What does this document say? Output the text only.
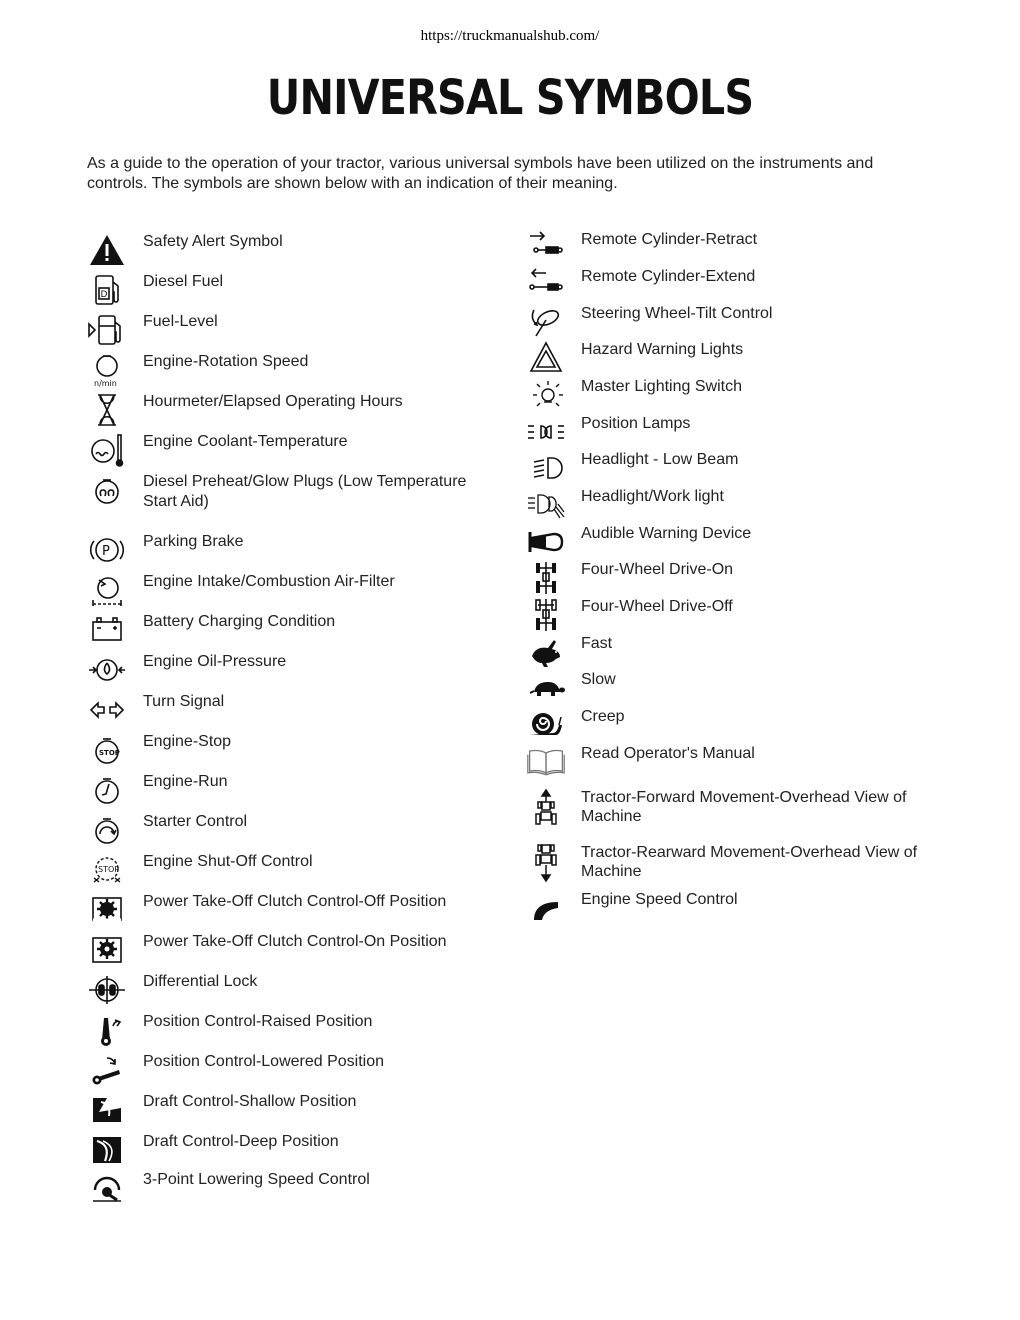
https://truckmanualshub.com/
UNIVERSAL SYMBOLS
As a guide to the operation of your tractor, various universal symbols have been utilized on the instruments and controls. The symbols are shown below with an indication of their meaning.
Safety Alert Symbol
D
Diesel Fuel
Fuel-Level
n/min
Engine-Rotation Speed
Hourmeter/Elapsed Operating Hours
Engine Coolant-Temperature
Diesel Preheat/Glow Plugs (Low Temperature Start Aid)
P
Parking Brake
Engine Intake/Combustion Air-Filter
Battery Charging Condition
Engine Oil-Pressure
Turn Signal
STOP
Engine-Stop
Engine-Run
Starter Control
STOP Engine Shut-Off Control
Power Take-Off Clutch Control-Off Position
Power Take-Off Clutch Control-On Position
Differential Lock
Position Control-Raised Position
Position Control-Lowered Position
Draft Control-Shallow Position
Draft Control-Deep Position
3-Point Lowering Speed Control
Remote Cylinder-Retract
Remote Cylinder-Extend
Steering Wheel-Tilt Control
Hazard Warning Lights
Master Lighting Switch
Position Lamps
Headlight - Low Beam
Headlight/Work light
Audible Warning Device
Four-Wheel Drive-On
Four-Wheel Drive-Off
Fast
Slow
Creep
Read Operator's Manual
Tractor-Forward Movement-Overhead View of Machine
Tractor-Rearward Movement-Overhead View of Machine
Engine Speed Control
